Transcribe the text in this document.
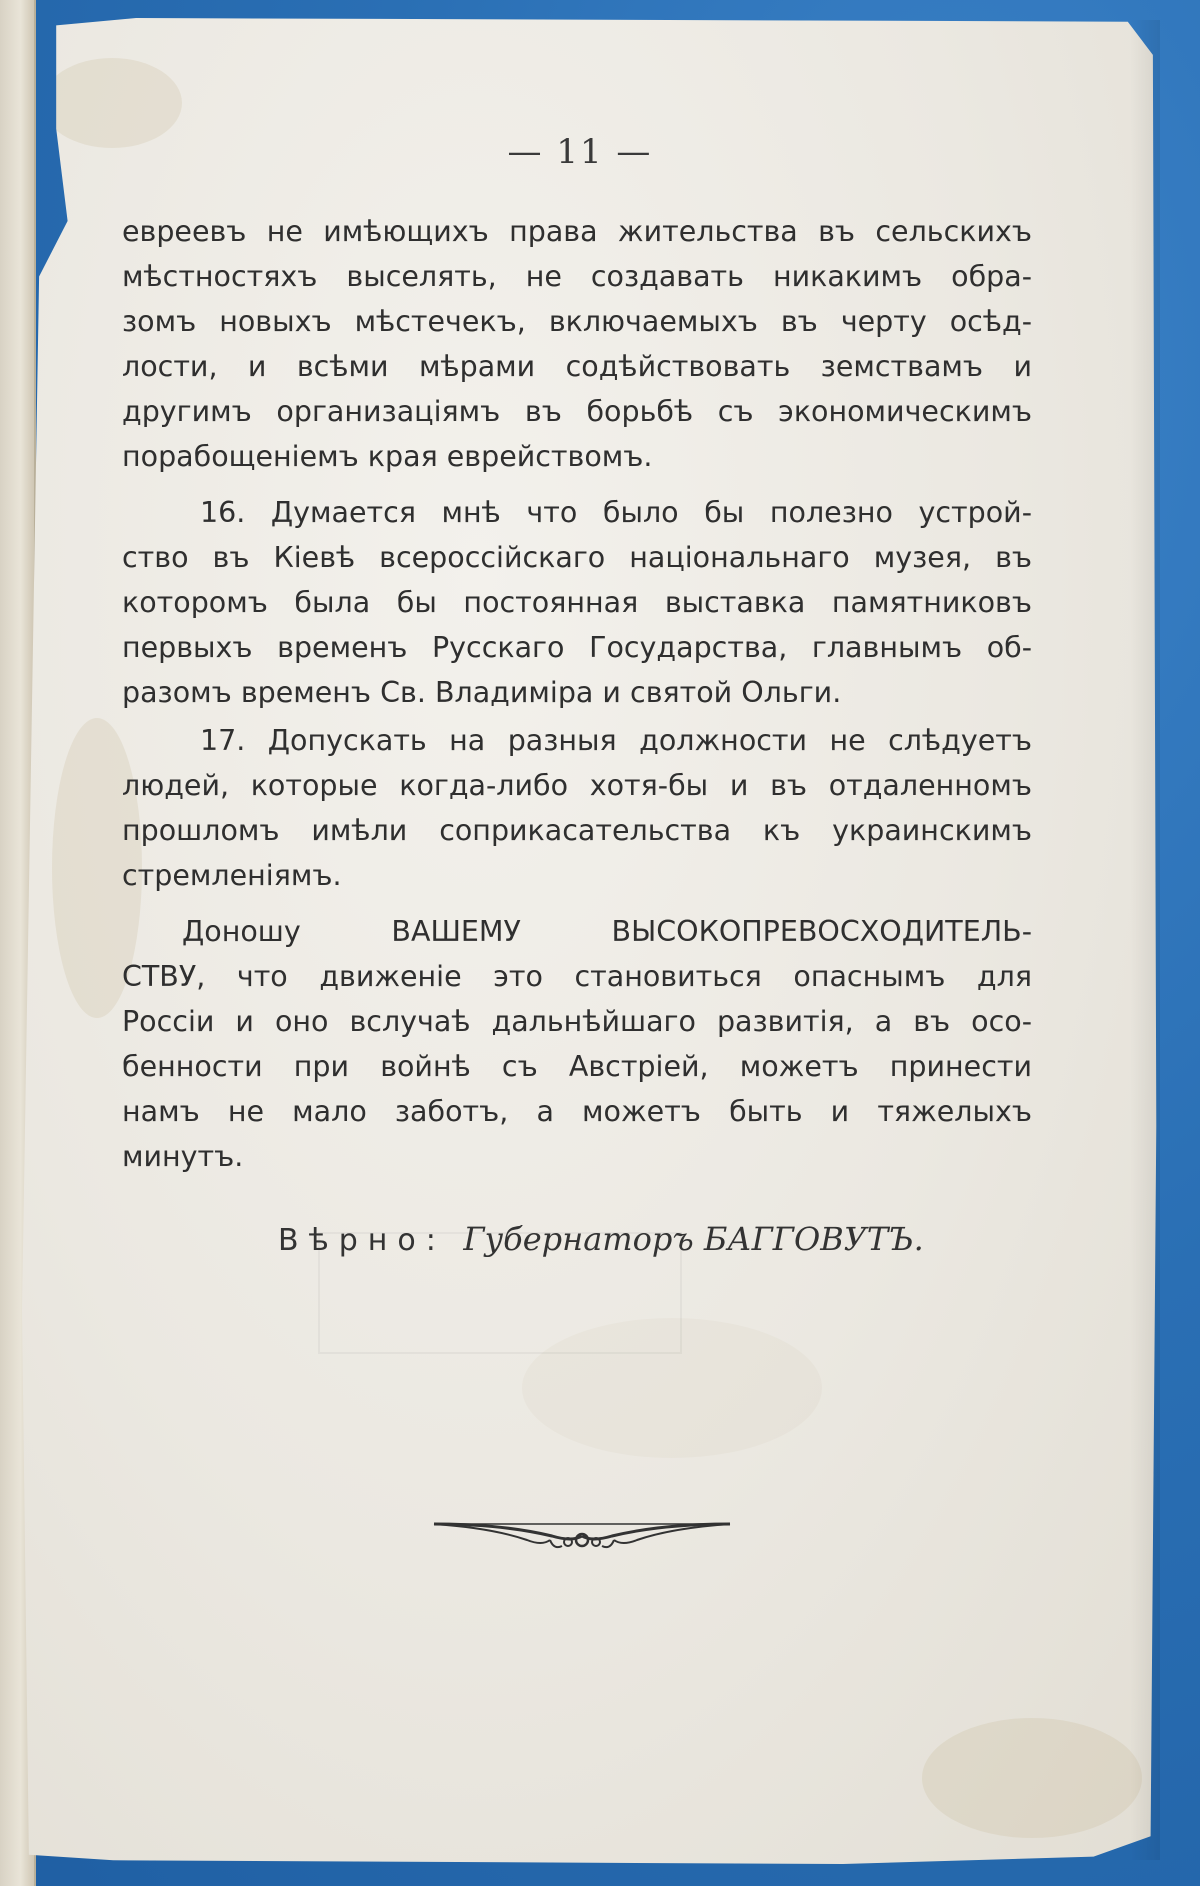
— 11 —
евреевъ не имѣющихъ права жительства въ сельскихъ
мѣстностяхъ выселять, не создавать никакимъ обра-
зомъ новыхъ мѣстечекъ, включаемыхъ въ черту осѣд-
лости, и всѣми мѣрами содѣйствовать земствамъ и
другимъ организаціямъ въ борьбѣ съ экономическимъ
порабощеніемъ края еврействомъ.
16. Думается мнѣ что было бы полезно устрой-
ство въ Кіевѣ всероссійскаго національнаго музея, въ
которомъ была бы постоянная выставка памятниковъ
первыхъ временъ Русскаго Государства, главнымъ об-
разомъ временъ Св. Владиміра и святой Ольги.
17. Допускать на разныя должности не слѣдуетъ
людей, которые когда-либо хотя-бы и въ отдаленномъ
прошломъ имѣли соприкасательства къ украинскимъ
стремленіямъ.
Доношу ВАШЕМУ ВЫСОКОПРЕВОСХОДИТЕЛЬ-
СТВУ, что движеніе это становиться опаснымъ для
Россіи и оно вслучаѣ дальнѣйшаго развитія, а въ осо-
бенности при войнѣ съ Австріей, можетъ принести
намъ не мало заботъ, а можетъ быть и тяжелыхъ
минутъ.
Вѣрно: Губернаторъ БАГГОВУТЪ.
